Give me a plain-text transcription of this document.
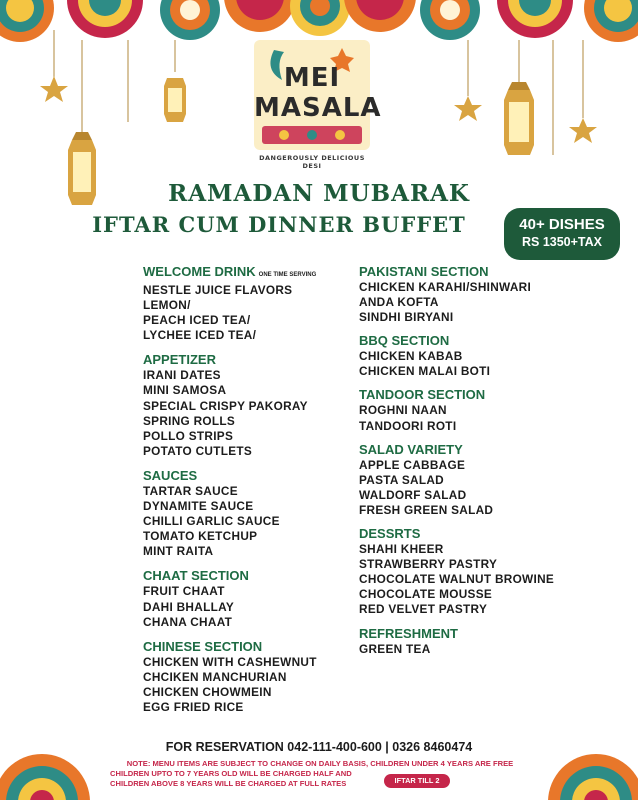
MEI
MASALA
DANGEROUSLY DELICIOUS DESI
RAMADAN MUBARAK
IFTAR CUM DINNER BUFFET	40+ DISHES
RS 1350+TAX
WELCOME DRINK ONE TIME SERVING
NESTLE JUICE FLAVORS
LEMON/
PEACH ICED TEA/
LYCHEE ICED TEA/
APPETIZER
IRANI DATES
MINI SAMOSA
SPECIAL CRISPY PAKORAY
SPRING ROLLS
POLLO STRIPS
POTATO CUTLETS
SAUCES
TARTAR SAUCE
DYNAMITE SAUCE
CHILLI GARLIC SAUCE
TOMATO KETCHUP
MINT RAITA
CHAAT SECTION
FRUIT CHAAT
DAHI BHALLAY
CHANA CHAAT
CHINESE SECTION
CHICKEN WITH CASHEWNUT
CHCIKEN MANCHURIAN
CHICKEN CHOWMEIN
EGG FRIED RICE
PAKISTANI SECTION
CHICKEN KARAHI/SHINWARI
ANDA KOFTA
SINDHI BIRYANI
BBQ SECTION
CHICKEN KABAB
CHICKEN MALAI BOTI
TANDOOR SECTION
ROGHNI NAAN
TANDOORI ROTI
SALAD VARIETY
APPLE CABBAGE
PASTA SALAD
WALDORF SALAD
FRESH GREEN SALAD
DESSRTS
SHAHI KHEER
STRAWBERRY PASTRY
CHOCOLATE WALNUT BROWINE
CHOCOLATE MOUSSE
RED VELVET PASTRY
REFRESHMENT
GREEN TEA
FOR RESERVATION 042-111-400-600 | 0326 8460474
NOTE: MENU ITEMS ARE SUBJECT TO CHANGE ON DAILY BASIS, CHILDREN UNDER 4 YEARS ARE FREE
CHILDREN UPTO TO 7 YEARS OLD WILL BE CHARGED HALF AND
CHILDREN ABOVE 8 YEARS WILL BE CHARGED AT FULL RATES	IFTAR TILL 2 HOURS
